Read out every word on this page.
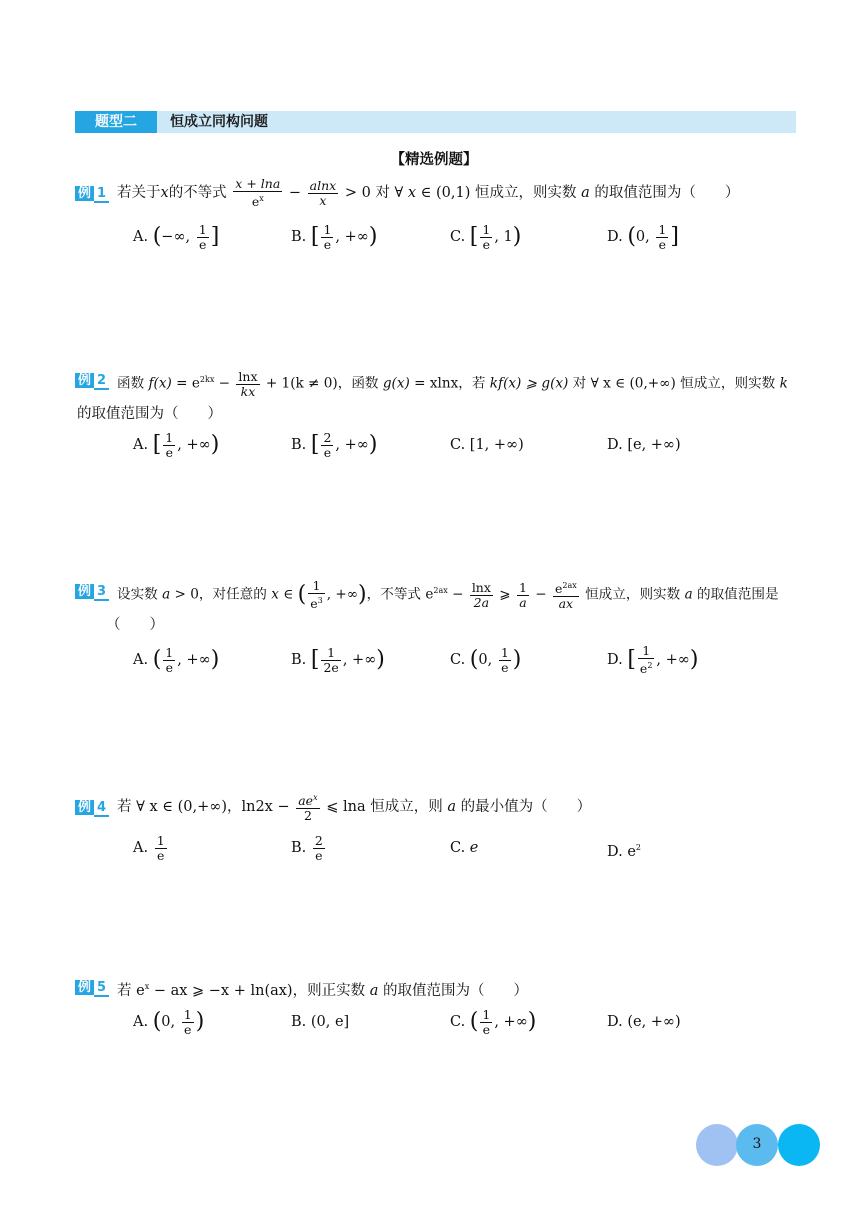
题型二	恒成立同构问题
【精选例题】
例 1 若关于x的不等式 $\frac{x + \ln a}{e^x} - \frac{alnx}{x} > 0$ 对 ∀ x ∈ (0,1) 恒成立，则实数 a 的取值范围为（　　）
A. (−∞, $\frac{1}{e}$ ]	B. [ $\frac{1}{e}$ , +∞)	C. [ $\frac{1}{e}$ , 1)	D. (0, $\frac{1}{e}$ ]
例 2 函数 $f(x) = e^{2kx} - \frac{\ln x}{kx} + 1(k \ne 0)$，函数 g(x) = xlnx，若 kf(x) ⩾ g(x) 对 ∀ x ∈ (0,+∞) 恒成立，则实数 k
的取值范围为（　　）
A. [ $\frac{1}{e}$ , +∞)	B. [ $\frac{2}{e}$ , +∞)	C. [1, +∞)	D. [e, +∞)
例 3 设实数 a > 0，对任意的 x ∈ ( $\frac{1}{e^3}$ , +∞)，不等式 $e^{2ax} - \frac{\ln x}{2a}$ ⩾ $\frac{1}{a} - \frac{e^{2ax}}{ax}$ 恒成立，则实数 a 的取值范围是
（　　）
A. ( $\frac{1}{e}$ , +∞)	B. [ $\frac{1}{2e}$ , +∞)	C. (0, $\frac{1}{e}$ )	D. [ $\frac{1}{e^2}$ , +∞)
例 4 若 ∀ x ∈ (0,+∞)，$\ln 2x - \frac{ae^x}{2}$ ⩽ lna 恒成立，则 a 的最小值为（　　）
A. $\frac{1}{e}$	B. $\frac{2}{e}$	C. e	D. $e^2$
例 5 若 $e^x$ − ax ⩾ −x + ln(ax)，则正实数 a 的取值范围为（　　）
A. (0, $\frac{1}{e}$ )	B. (0, e]	C. ( $\frac{1}{e}$ , +∞)	D. (e, +∞)
3
